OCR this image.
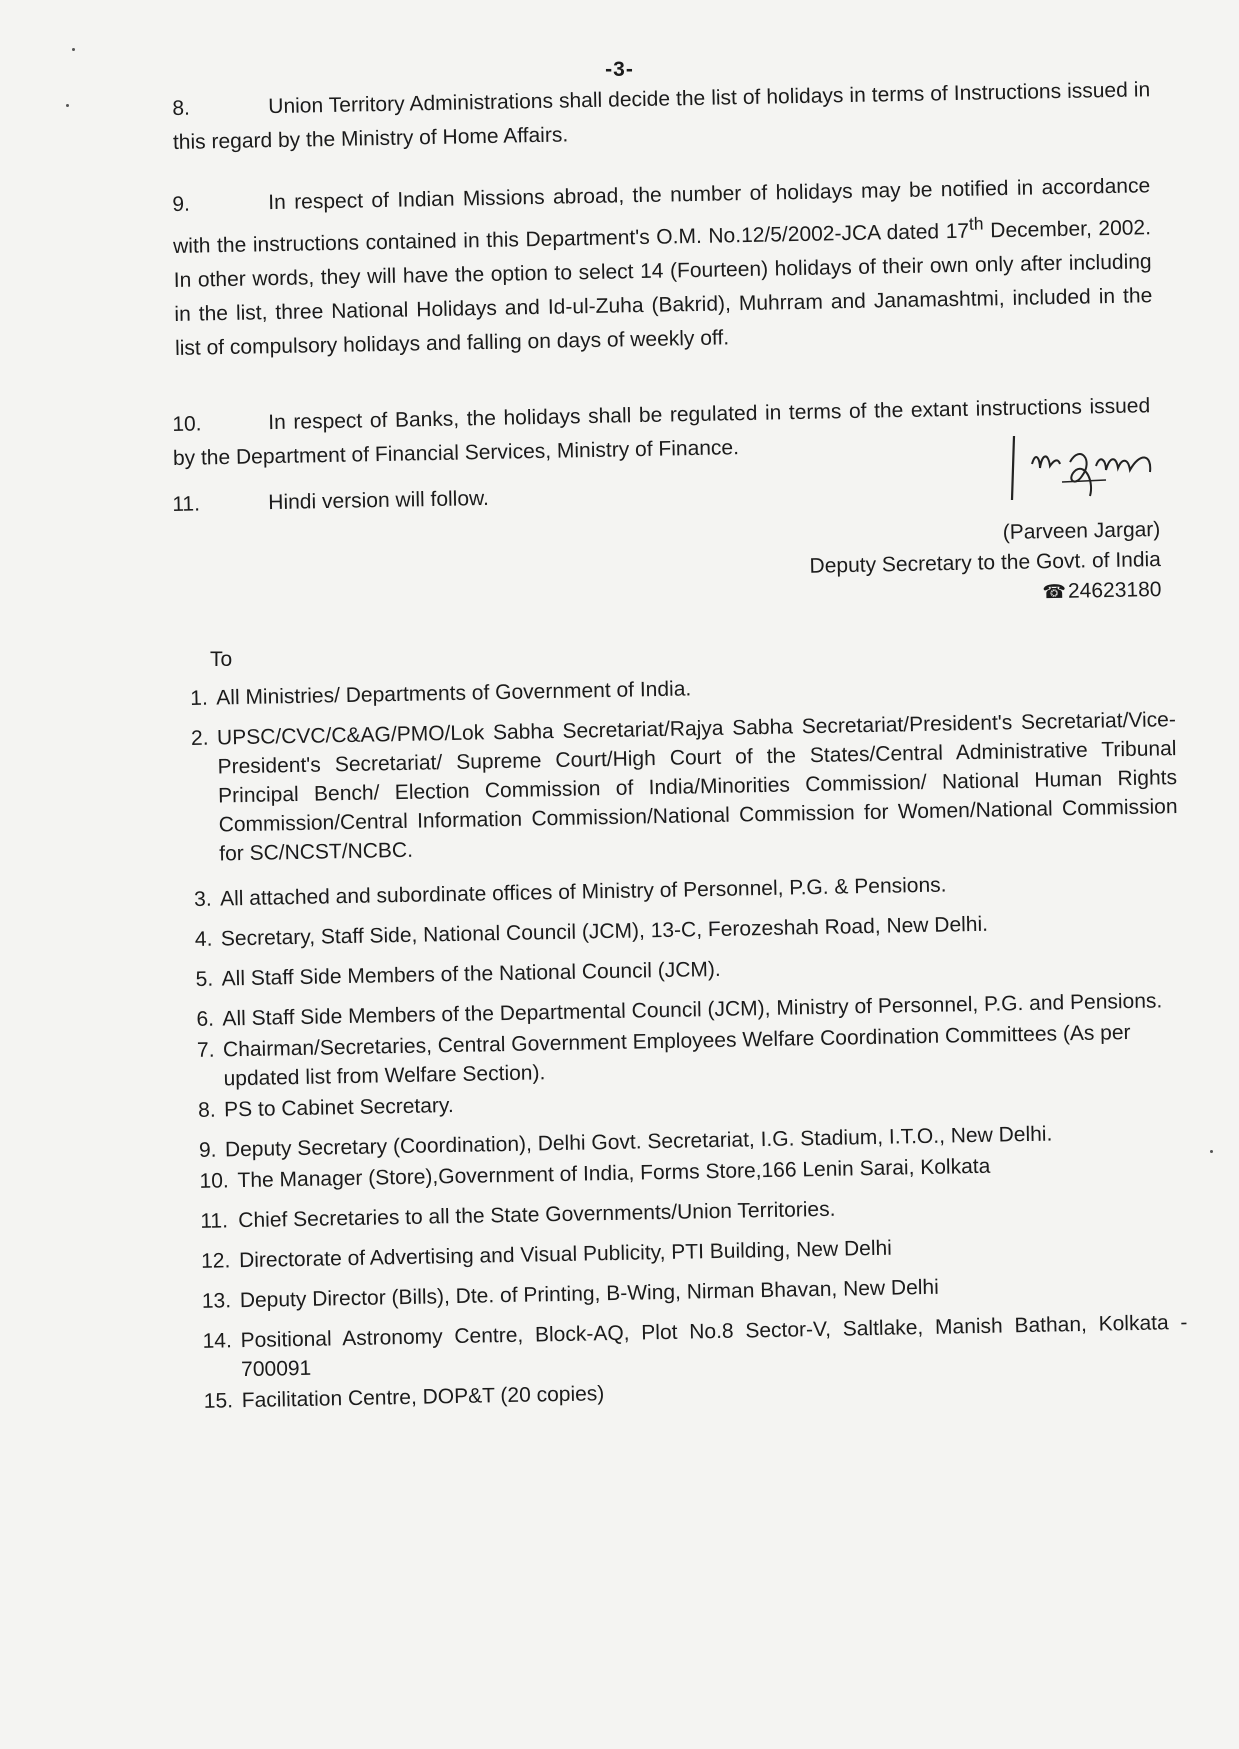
-3-
8.	Union Territory Administrations shall decide the list of holidays in terms of Instructions issued in this regard by the Ministry of Home Affairs.
9.	In respect of Indian Missions abroad, the number of holidays may be notified in accordance with the instructions contained in this Department's O.M. No.12/5/2002-JCA dated 17th December, 2002. In other words, they will have the option to select 14 (Fourteen) holidays of their own only after including in the list, three National Holidays and Id-ul-Zuha (Bakrid), Muhrram and Janamashtmi, included in the list of compulsory holidays and falling on days of weekly off.
10.	In respect of Banks, the holidays shall be regulated in terms of the extant instructions issued by the Department of Financial Services, Ministry of Finance.
11.	Hindi version will follow.
(Parveen Jargar)
Deputy Secretary to the Govt. of India
☎24623180
To
1. All Ministries/ Departments of Government of India.
2. UPSC/CVC/C&AG/PMO/Lok Sabha Secretariat/Rajya Sabha Secretariat/President's Secretariat/Vice-President's Secretariat/ Supreme Court/High Court of the States/Central Administrative Tribunal Principal Bench/ Election Commission of India/Minorities Commission/ National Human Rights Commission/Central Information Commission/National Commission for Women/National Commission for SC/NCST/NCBC.
3. All attached and subordinate offices of Ministry of Personnel, P.G. & Pensions.
4. Secretary, Staff Side, National Council (JCM), 13-C, Ferozeshah Road, New Delhi.
5. All Staff Side Members of the National Council (JCM).
6. All Staff Side Members of the Departmental Council (JCM), Ministry of Personnel, P.G. and Pensions.
7. Chairman/Secretaries, Central Government Employees Welfare Coordination Committees (As per updated list from Welfare Section).
8. PS to Cabinet Secretary.
9. Deputy Secretary (Coordination), Delhi Govt. Secretariat, I.G. Stadium, I.T.O., New Delhi.
10. The Manager (Store),Government of India, Forms Store,166 Lenin Sarai, Kolkata
11. Chief Secretaries to all the State Governments/Union Territories.
12. Directorate of Advertising and Visual Publicity, PTI Building, New Delhi
13. Deputy Director (Bills), Dte. of Printing, B-Wing, Nirman Bhavan, New Delhi
14. Positional Astronomy Centre, Block-AQ, Plot No.8 Sector-V, Saltlake, Manish Bathan, Kolkata - 700091
15. Facilitation Centre, DOP&T (20 copies)
